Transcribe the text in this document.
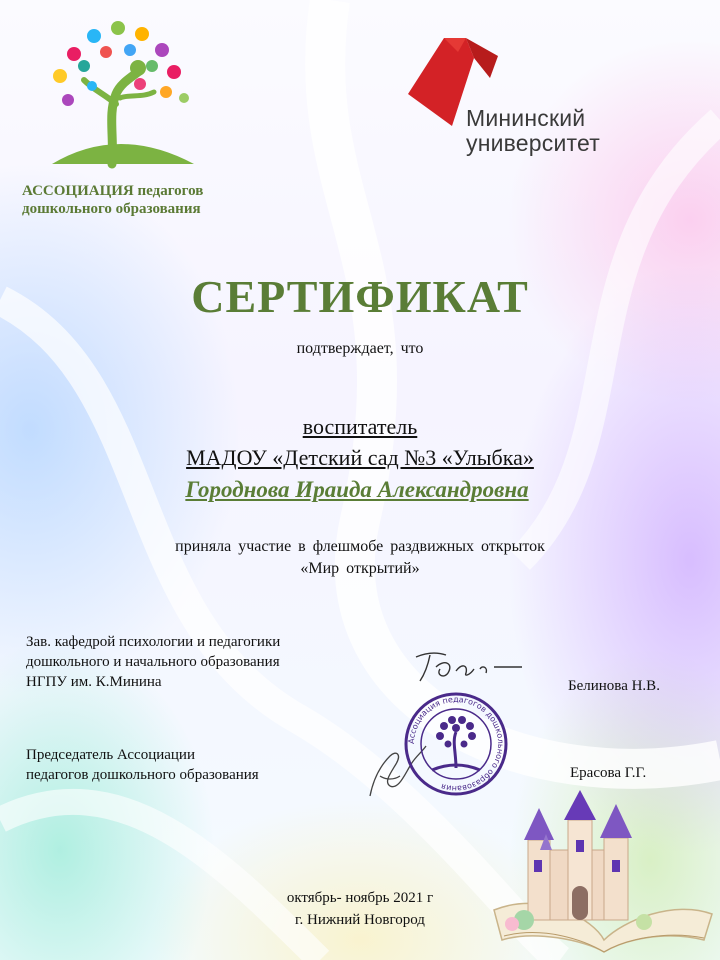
АССОЦИАЦИЯ педагогов
дошкольного образования
Мининский
университет
СЕРТИФИКАТ
подтверждает, что
воспитатель
МАДОУ «Детский сад №3 «Улыбка»
Городнова Ираида Александровна
приняла участие в флешмобе раздвижных открыток
«Мир открытий»
Зав. кафедрой психологии и педагогики
дошкольного и начального образования
НГПУ им. К.Минина	Белинова Н.В.
Председатель Ассоциации
педагогов дошкольного образования	Ерасова Г.Г.
Ассоциация педагогов дошкольного образования
октябрь- ноябрь 2021 г
г. Нижний Новгород
